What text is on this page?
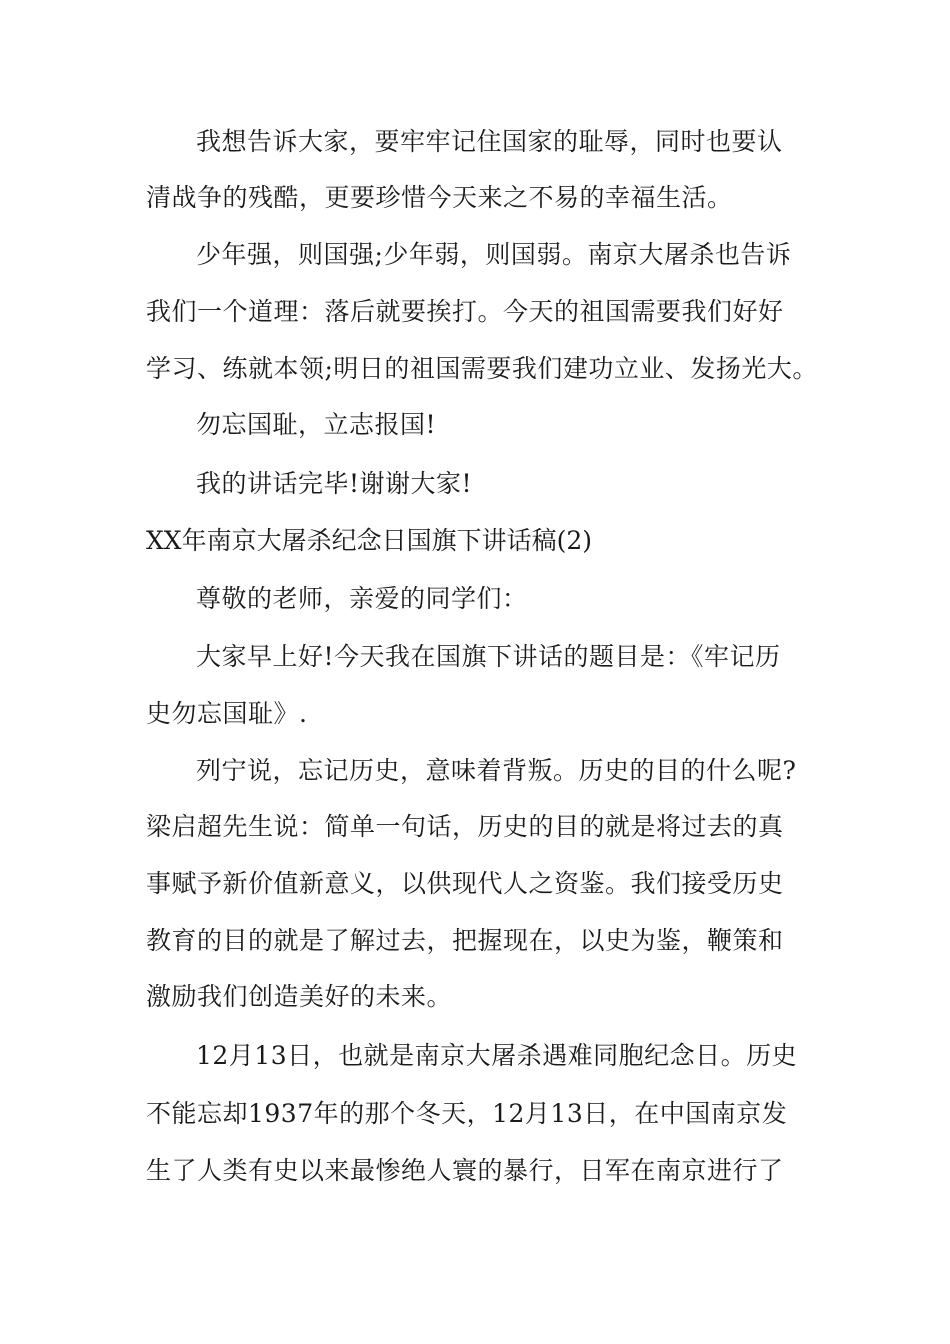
我想告诉大家，要牢牢记住国家的耻辱，同时也要认
清战争的残酷，更要珍惜今天来之不易的幸福生活。
少年强，则国强;少年弱，则国弱。南京大屠杀也告诉
我们一个道理：落后就要挨打。今天的祖国需要我们好好
学习、练就本领;明日的祖国需要我们建功立业、发扬光大。
勿忘国耻，立志报国!
我的讲话完毕!谢谢大家!
XX年南京大屠杀纪念日国旗下讲话稿(2)
尊敬的老师，亲爱的同学们：
大家早上好!今天我在国旗下讲话的题目是：《牢记历
史勿忘国耻》.
列宁说，忘记历史，意味着背叛。历史的目的什么呢?
梁启超先生说：简单一句话，历史的目的就是将过去的真
事赋予新价值新意义，以供现代人之资鉴。我们接受历史
教育的目的就是了解过去，把握现在，以史为鉴，鞭策和
激励我们创造美好的未来。
12月13日，也就是南京大屠杀遇难同胞纪念日。历史
不能忘却1937年的那个冬天，12月13日，在中国南京发
生了人类有史以来最惨绝人寰的暴行，日军在南京进行了
